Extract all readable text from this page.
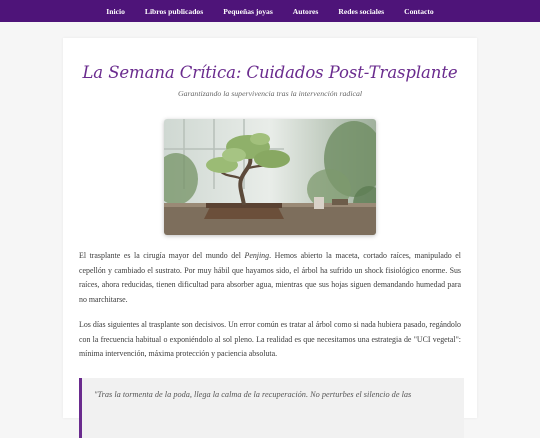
Inicio	Libros publicados	Pequeñas joyas	Autores	Redes sociales	Contacto
La Semana Crítica: Cuidados Post-Trasplante
Garantizando la supervivencia tras la intervención radical

El trasplante es la cirugía mayor del mundo del Penjing. Hemos abierto la maceta, cortado raíces, manipulado el cepellón y cambiado el sustrato. Por muy hábil que hayamos sido, el árbol ha sufrido un shock fisiológico enorme. Sus raíces, ahora reducidas, tienen dificultad para absorber agua, mientras que sus hojas siguen demandando humedad para no marchitarse.

Los días siguientes al trasplante son decisivos. Un error común es tratar al árbol como si nada hubiera pasado, regándolo con la frecuencia habitual o exponiéndolo al sol pleno. La realidad es que necesitamos una estrategia de "UCI vegetal": mínima intervención, máxima protección y paciencia absoluta.

"Tras la tormenta de la poda, llega la calma de la recuperación. No perturbes el silencio de las
